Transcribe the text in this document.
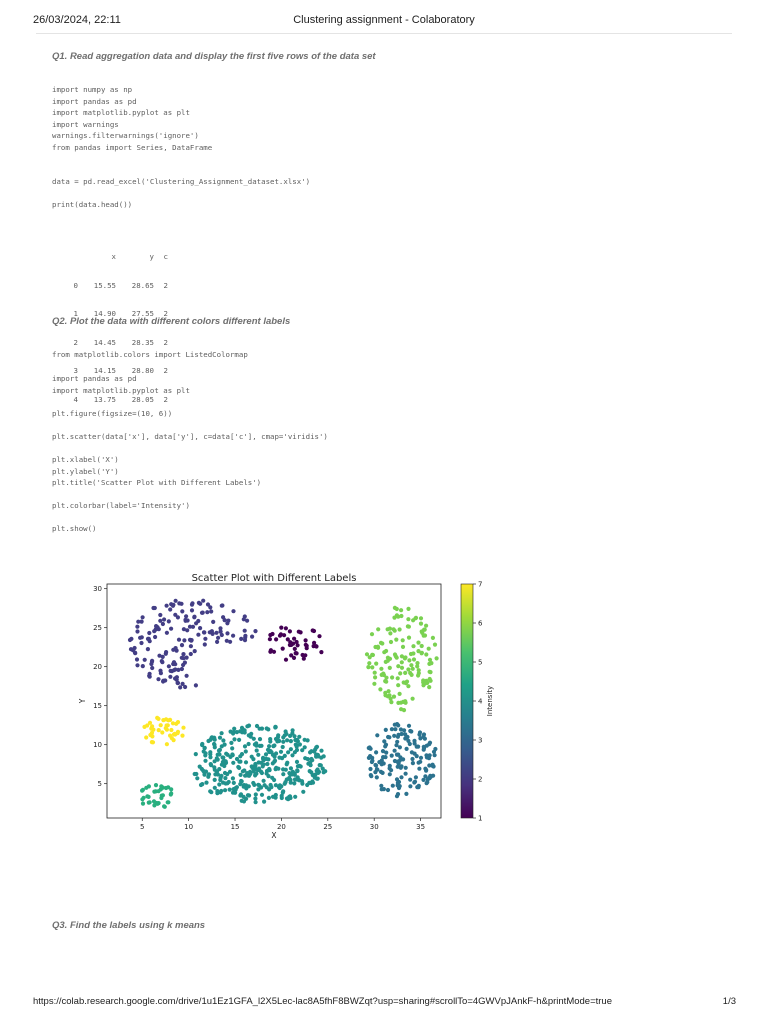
26/03/2024, 22:11	Clustering assignment - Colaboratory
Q1. Read aggregation data and display the first five rows of the data set
import numpy as np
import pandas as pd
import matplotlib.pyplot as plt
import warnings
warnings.filterwarnings('ignore')
from pandas import Series, DataFrame
data = pd.read_excel('Clustering_Assignment_dataset.xlsx')
print(data.head())

x	y c

0 15.55 28.65 2

1 14.90 27.55 2

2 14.45 28.35 2

3 14.15 28.80 2

4 13.75 28.05 2

Q2. Plot the data with different colors different labels
from matplotlib.colors import ListedColormap
import pandas as pd
import matplotlib.pyplot as plt
plt.figure(figsize=(10, 6))
plt.scatter(data['x'], data['y'], c=data['c'], cmap='viridis')
plt.xlabel('X')
plt.ylabel('Y')
plt.title('Scatter Plot with Different Labels')
plt.colorbar(label='Intensity')
plt.show()
Scatter Plot with Different Labels
5	10	15	20	25	30	35
5
10
15
20
25
30
X
Y
1
2
3
4
5
6
7
Intensity
Q3. Find the labels using k means
https://colab.research.google.com/drive/1u1Ez1GFA_l2X5Lec-lac8A5fhF8BWZqt?usp=sharing#scrollTo=4GWVpJAnkF-h&printMode=true	1/3
